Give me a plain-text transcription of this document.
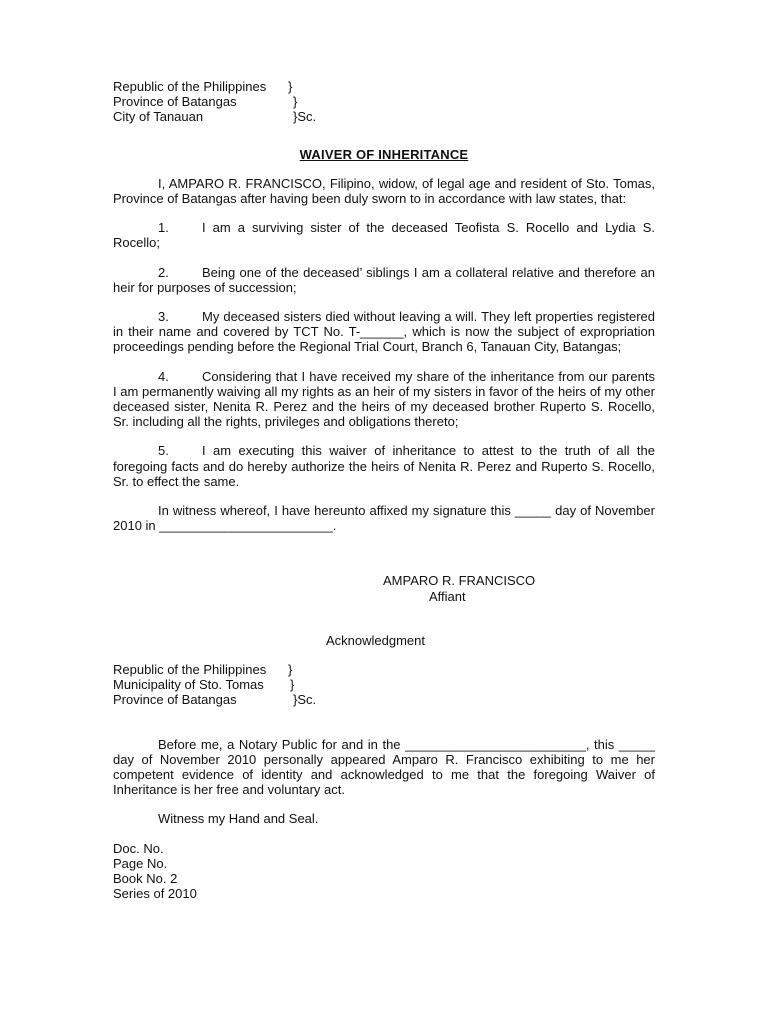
Republic of the Philippines }
Province of Batangas	}
City of Tanauan	}Sc.
WAIVER OF INHERITANCE

I, AMPARO R. FRANCISCO, Filipino, widow, of legal age and resident of Sto. Tomas, Province of Batangas after having been duly sworn to in accordance with law states, that:

1.	I am a surviving sister of the deceased Teofista S. Rocello and Lydia S. Rocello;

2.	Being one of the deceased’ siblings I am a collateral relative and therefore an heir for purposes of succession;

3.	My deceased sisters died without leaving a will. They left properties registered in their name and covered by TCT No. T-______, which is now the subject of expropriation proceedings pending before the Regional Trial Court, Branch 6, Tanauan City, Batangas;

4.	Considering that I have received my share of the inheritance from our parents I am permanently waiving all my rights as an heir of my sisters in favor of the heirs of my other deceased sister, Nenita R. Perez and the heirs of my deceased brother Ruperto S. Rocello, Sr. including all the rights, privileges and obligations thereto;

5.	I am executing this waiver of inheritance to attest to the truth of all the foregoing facts and do hereby authorize the heirs of Nenita R. Perez and Ruperto S. Rocello, Sr. to effect the same.

In witness whereof, I have hereunto affixed my signature this _____ day of November 2010 in ________________________.

AMPARO R. FRANCISCO
Affiant
Acknowledgment
Republic of the Philippines }
Municipality of Sto. Tomas }
Province of Batangas	}Sc.

Before me, a Notary Public for and in the _________________________, this _____ day of November 2010 personally appeared Amparo R. Francisco exhibiting to me her competent evidence of identity and acknowledged to me that the foregoing Waiver of Inheritance is her free and voluntary act.

Witness my Hand and Seal.

Doc. No.
Page No.
Book No. 2
Series of 2010
